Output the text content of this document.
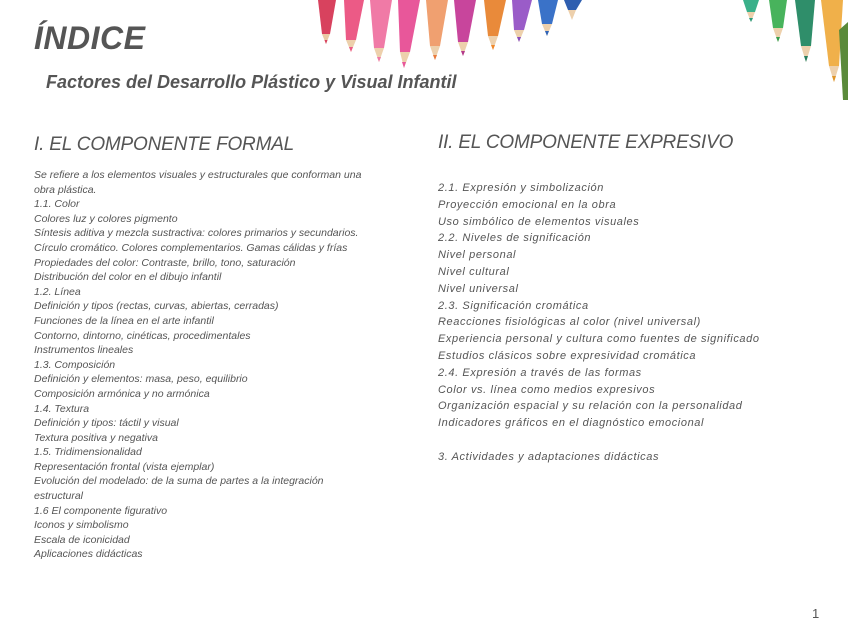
ÍNDICE
Factores del Desarrollo Plástico y Visual Infantil
I. EL COMPONENTE FORMAL
Se refiere a los elementos visuales y estructurales que conforman una
obra plástica.
1.1. Color
Colores luz y colores pigmento
Síntesis aditiva y mezcla sustractiva: colores primarios y secundarios.
Círculo cromático. Colores complementarios. Gamas cálidas y frías
Propiedades del color: Contraste, brillo, tono, saturación
Distribución del color en el dibujo infantil
1.2. Línea
Definición y tipos (rectas, curvas, abiertas, cerradas)
Funciones de la línea en el arte infantil
Contorno, dintorno, cinéticas, procedimentales
Instrumentos lineales
1.3. Composición
Definición y elementos: masa, peso, equilibrio
Composición armónica y no armónica
1.4. Textura
Definición y tipos: táctil y visual
Textura positiva y negativa
1.5. Tridimensionalidad
Representación frontal (vista ejemplar)
Evolución del modelado: de la suma de partes a la integración
estructural
1.6 El componente figurativo
Iconos y simbolismo
Escala de iconicidad
Aplicaciones didácticas
II. EL COMPONENTE EXPRESIVO
2.1. Expresión y simbolización
Proyección emocional en la obra
Uso simbólico de elementos visuales
2.2. Niveles de significación
Nivel personal
Nivel cultural
Nivel universal
2.3. Significación cromática
Reacciones fisiológicas al color (nivel universal)
Experiencia personal y cultura como fuentes de significado
Estudios clásicos sobre expresividad cromática
2.4. Expresión a través de las formas
Color vs. línea como medios expresivos
Organización espacial y su relación con la personalidad
Indicadores gráficos en el diagnóstico emocional
3. Actividades y adaptaciones didácticas
1
